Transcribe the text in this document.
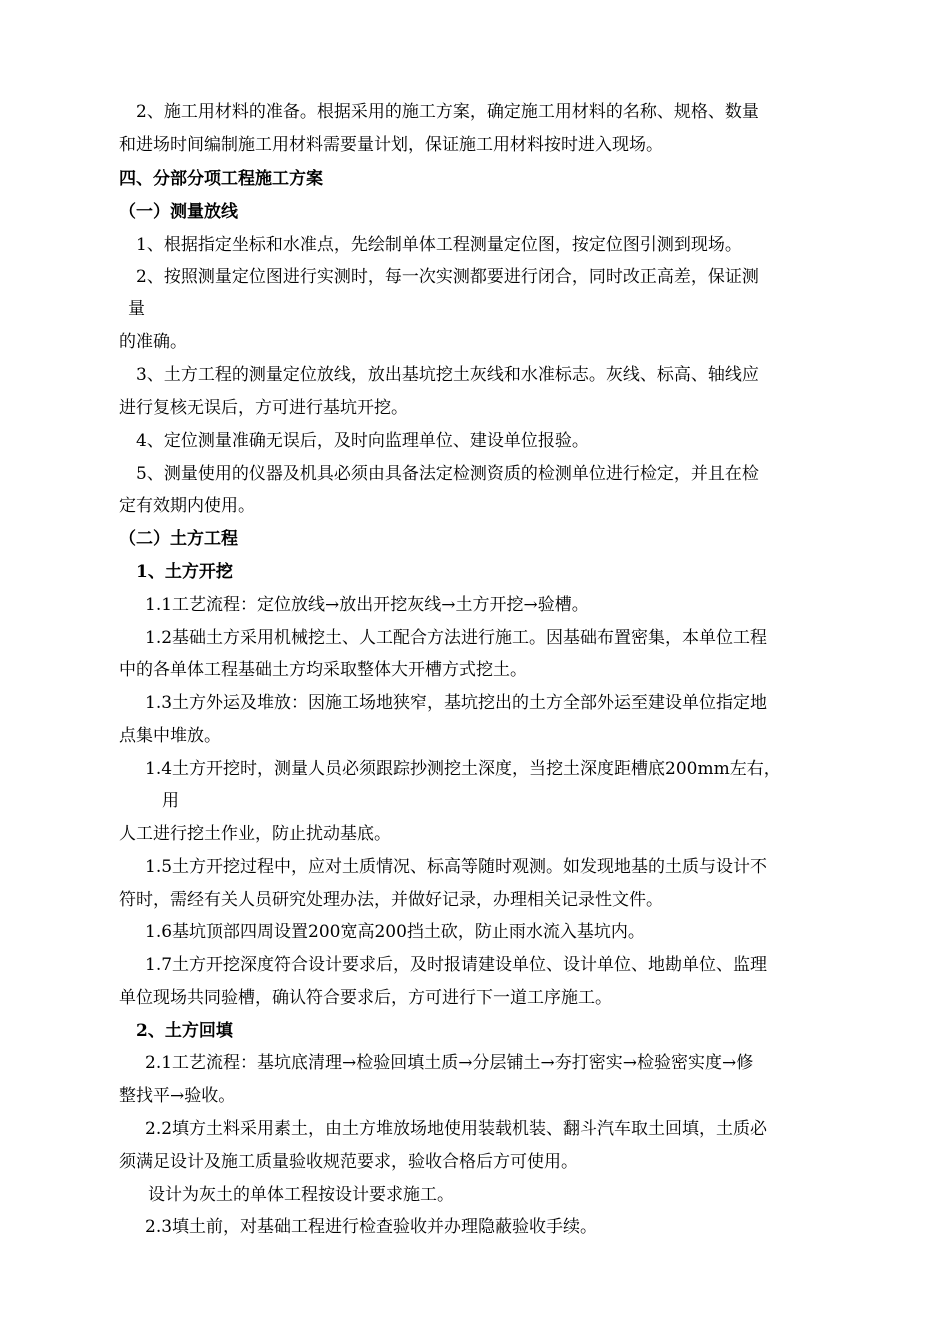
2、施工用材料的准备。根据采用的施工方案，确定施工用材料的名称、规格、数量
和进场时间编制施工用材料需要量计划，保证施工用材料按时进入现场。
四、分部分项工程施工方案
（一）测量放线
1、根据指定坐标和水准点，先绘制单体工程测量定位图，按定位图引测到现场。
2、按照测量定位图进行实测时，每一次实测都要进行闭合，同时改正高差，保证测
量
的准确。
3、土方工程的测量定位放线，放出基坑挖土灰线和水准标志。灰线、标高、轴线应
进行复核无误后，方可进行基坑开挖。
4、定位测量准确无误后，及时向监理单位、建设单位报验。
5、测量使用的仪器及机具必须由具备法定检测资质的检测单位进行检定，并且在检
定有效期内使用。
（二）土方工程
1、土方开挖
1.1工艺流程：定位放线→放出开挖灰线→土方开挖→验槽。
1.2基础土方采用机械挖土、人工配合方法进行施工。因基础布置密集，本单位工程
中的各单体工程基础土方均采取整体大开槽方式挖土。
1.3土方外运及堆放：因施工场地狭窄，基坑挖出的土方全部外运至建设单位指定地
点集中堆放。
1.4土方开挖时，测量人员必须跟踪抄测挖土深度，当挖土深度距槽底200mm左右，
用
人工进行挖土作业，防止扰动基底。
1.5土方开挖过程中，应对土质情况、标高等随时观测。如发现地基的土质与设计不
符时，需经有关人员研究处理办法，并做好记录，办理相关记录性文件。
1.6基坑顶部四周设置200宽高200挡土砍，防止雨水流入基坑内。
1.7土方开挖深度符合设计要求后，及时报请建设单位、设计单位、地勘单位、监理
单位现场共同验槽，确认符合要求后，方可进行下一道工序施工。
2、土方回填
2.1工艺流程：基坑底清理→检验回填土质→分层铺土→夯打密实→检验密实度→修
整找平→验收。
2.2填方土料采用素土，由土方堆放场地使用装载机装、翻斗汽车取土回填，土质必
须满足设计及施工质量验收规范要求，验收合格后方可使用。
设计为灰土的单体工程按设计要求施工。
2.3填土前，对基础工程进行检查验收并办理隐蔽验收手续。
